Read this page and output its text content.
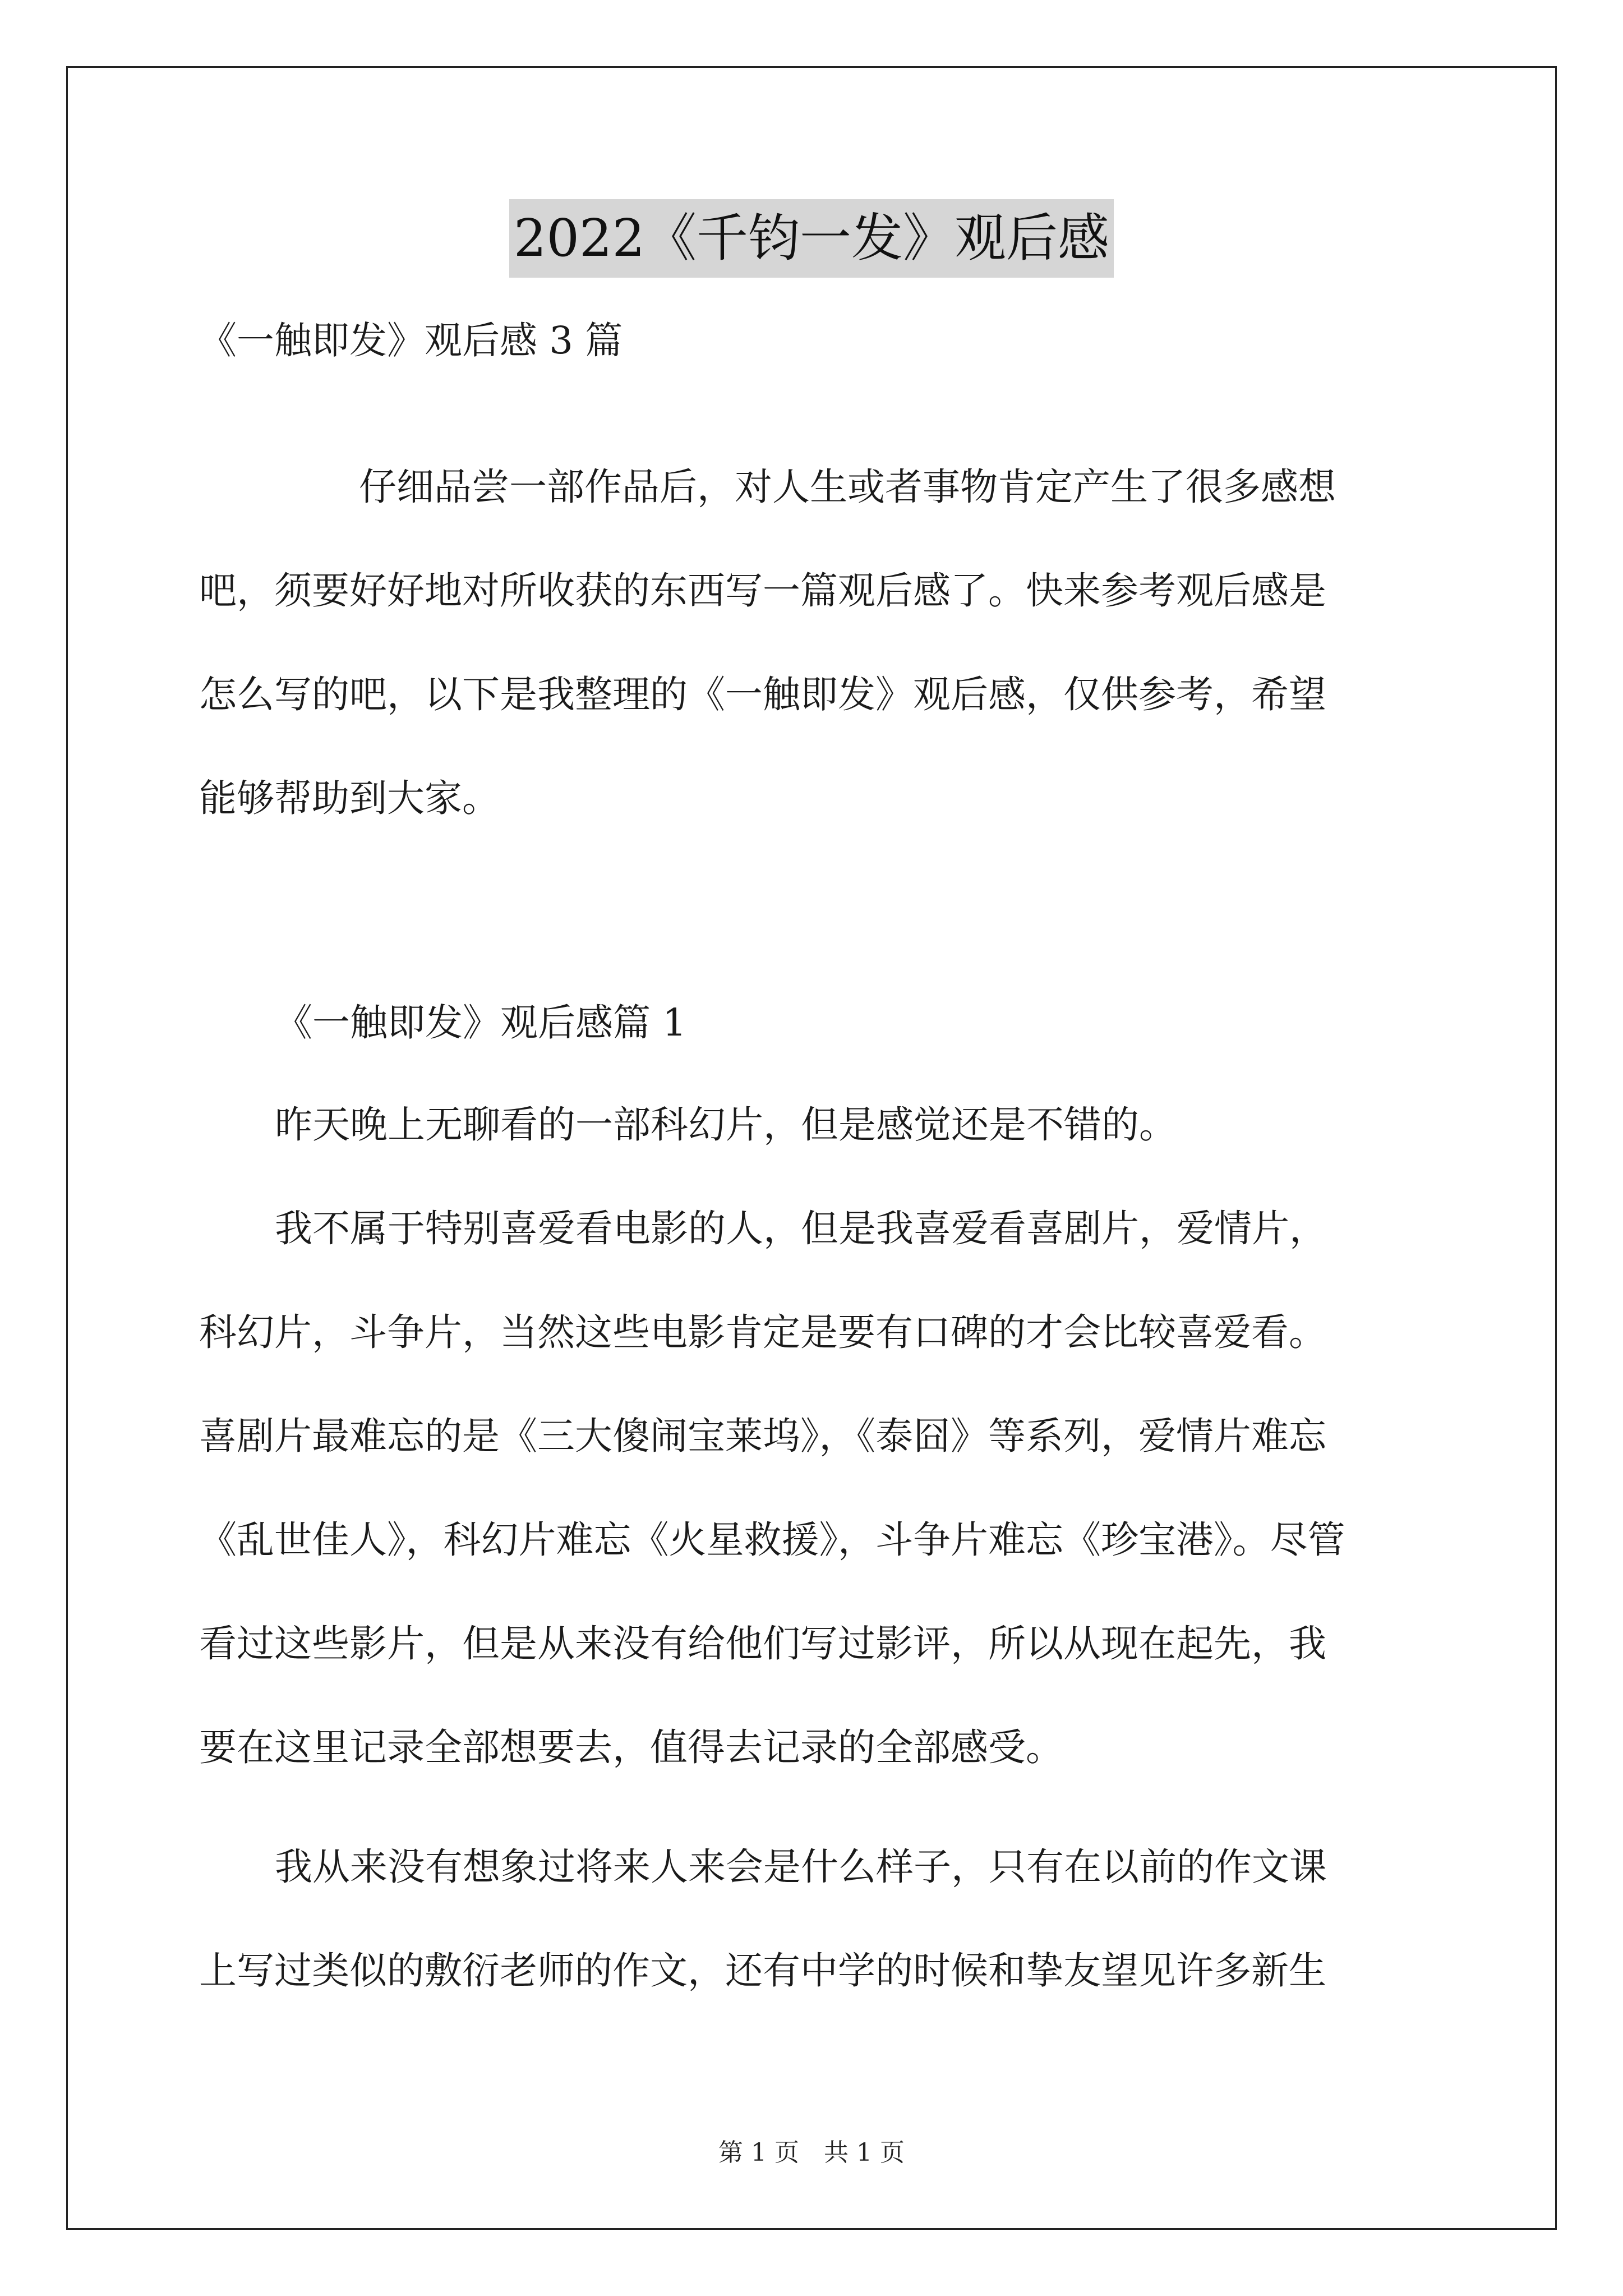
2022《千钧一发》观后感
《一触即发》观后感 3 篇
仔细品尝一部作品后，对人生或者事物肯定产生了很多感想
吧，须要好好地对所收获的东西写一篇观后感了。快来参考观后感是
怎么写的吧，以下是我整理的《一触即发》观后感，仅供参考，希望
能够帮助到大家。
《一触即发》观后感篇 1
昨天晚上无聊看的一部科幻片，但是感觉还是不错的。
我不属于特别喜爱看电影的人，但是我喜爱看喜剧片，爱情片，
科幻片，斗争片，当然这些电影肯定是要有口碑的才会比较喜爱看。
喜剧片最难忘的是《三大傻闹宝莱坞》，《泰囧》等系列，爱情片难忘
《乱世佳人》，科幻片难忘《火星救援》，斗争片难忘《珍宝港》。尽管
看过这些影片，但是从来没有给他们写过影评，所以从现在起先，我
要在这里记录全部想要去，值得去记录的全部感受。
我从来没有想象过将来人来会是什么样子，只有在以前的作文课
上写过类似的敷衍老师的作文，还有中学的时候和挚友望见许多新生
第 1 页　共 1 页
